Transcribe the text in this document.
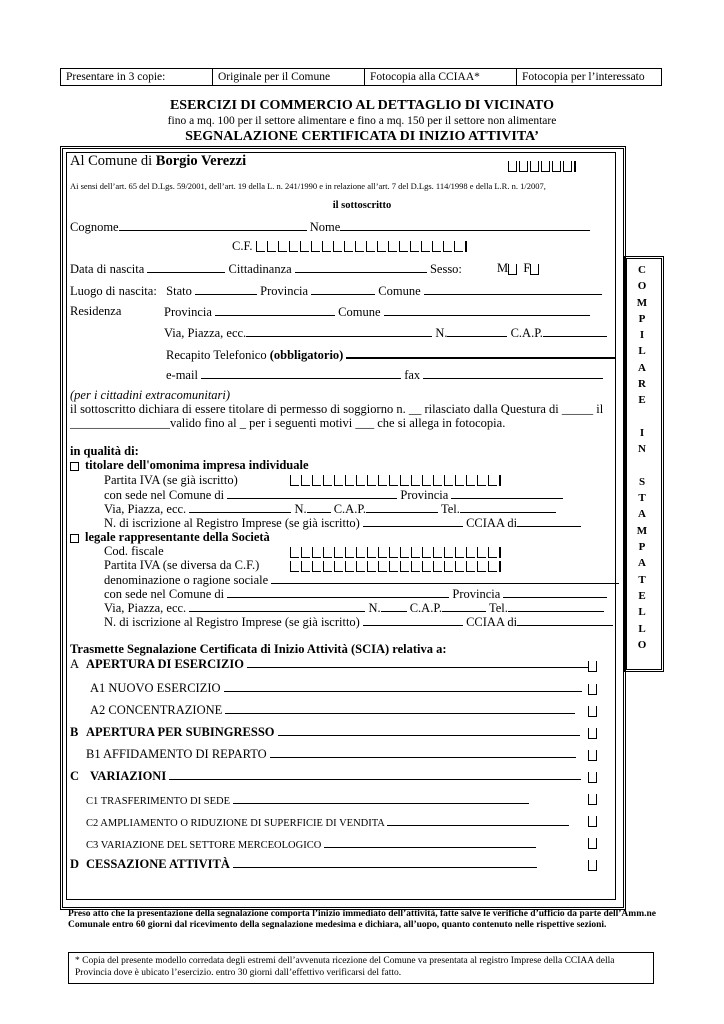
Presentare in 3 copie:	Originale per il Comune	Fotocopia alla CCIAA*	Fotocopia per l’interessato
ESERCIZI DI COMMERCIO AL DETTAGLIO DI VICINATO
fino a mq. 100 per il settore alimentare e fino a mq. 150 per il settore non alimentare
SEGNALAZIONE CERTIFICATA DI INIZIO ATTIVITA’
C
O
M
P
I
L
A
R
E

I
N

S
T
A
M
P
A
T
E
L
L
O
Al Comune di Borgio Verezzi
Ai sensi dell’art. 65 del D.Lgs. 59/2001, dell’art. 19 della L. n. 241/1990 e in relazione all’art. 7 del D.Lgs. 114/1998 e della L.R. n. 1/2007,
il sottoscritto
Cognome	Nome
C.F.
Data di nascita	Cittadinanza	Sesso:	M F
Luogo di nascita: Stato	Provincia	Comune
Residenza	Provincia	Comune
Via, Piazza, ecc.	N.	C.A.P.
Recapito Telefonico (obbligatorio)
e-mail	fax
(per i cittadini extracomunitari)
il sottoscritto dichiara di essere titolare di permesso di soggiorno n. __ rilasciato dalla Questura di _____ il
________________valido fino al _ per i seguenti motivi ___ che si allega in fotocopia.
in qualità di:
titolare dell'omonima impresa individuale
Partita IVA (se già iscritto)
con sede nel Comune di	Provincia
Via, Piazza, ecc.	N. C.A.P.	Tel.
N. di iscrizione al Registro Imprese (se già iscritto)	CCIAA di
legale rappresentante della Società
Cod. fiscale
Partita IVA (se diversa da C.F.)
denominazione o ragione sociale
con sede nel Comune di	Provincia
Via, Piazza, ecc.	N. C.A.P.	Tel.
N. di iscrizione al Registro Imprese (se già iscritto)	CCIAA di
Trasmette Segnalazione Certificata di Inizio Attività (SCIA) relativa a:
A APERTURA DI ESERCIZIO
A1 NUOVO ESERCIZIO
A2 CONCENTRAZIONE
B APERTURA PER SUBINGRESSO
B1 AFFIDAMENTO DI REPARTO
C VARIAZIONI
C1 TRASFERIMENTO DI SEDE
C2 AMPLIAMENTO O RIDUZIONE DI SUPERFICIE DI VENDITA
C3 VARIAZIONE DEL SETTORE MERCEOLOGICO
D CESSAZIONE ATTIVITÀ
Preso atto che la presentazione della segnalazione comporta l’inizio immediato dell’attività, fatte salve le verifiche d’ufficio da parte dell’Amm.ne Comunale entro 60 giorni dal ricevimento della segnalazione medesima e dichiara, all’uopo, quanto contenuto nelle rispettive sezioni.
* Copia del presente modello corredata degli estremi dell’avvenuta ricezione del Comune va presentata al registro Imprese della CCIAA della Provincia dove è ubicato l’esercizio. entro 30 giorni dall’effettivo verificarsi del fatto.
